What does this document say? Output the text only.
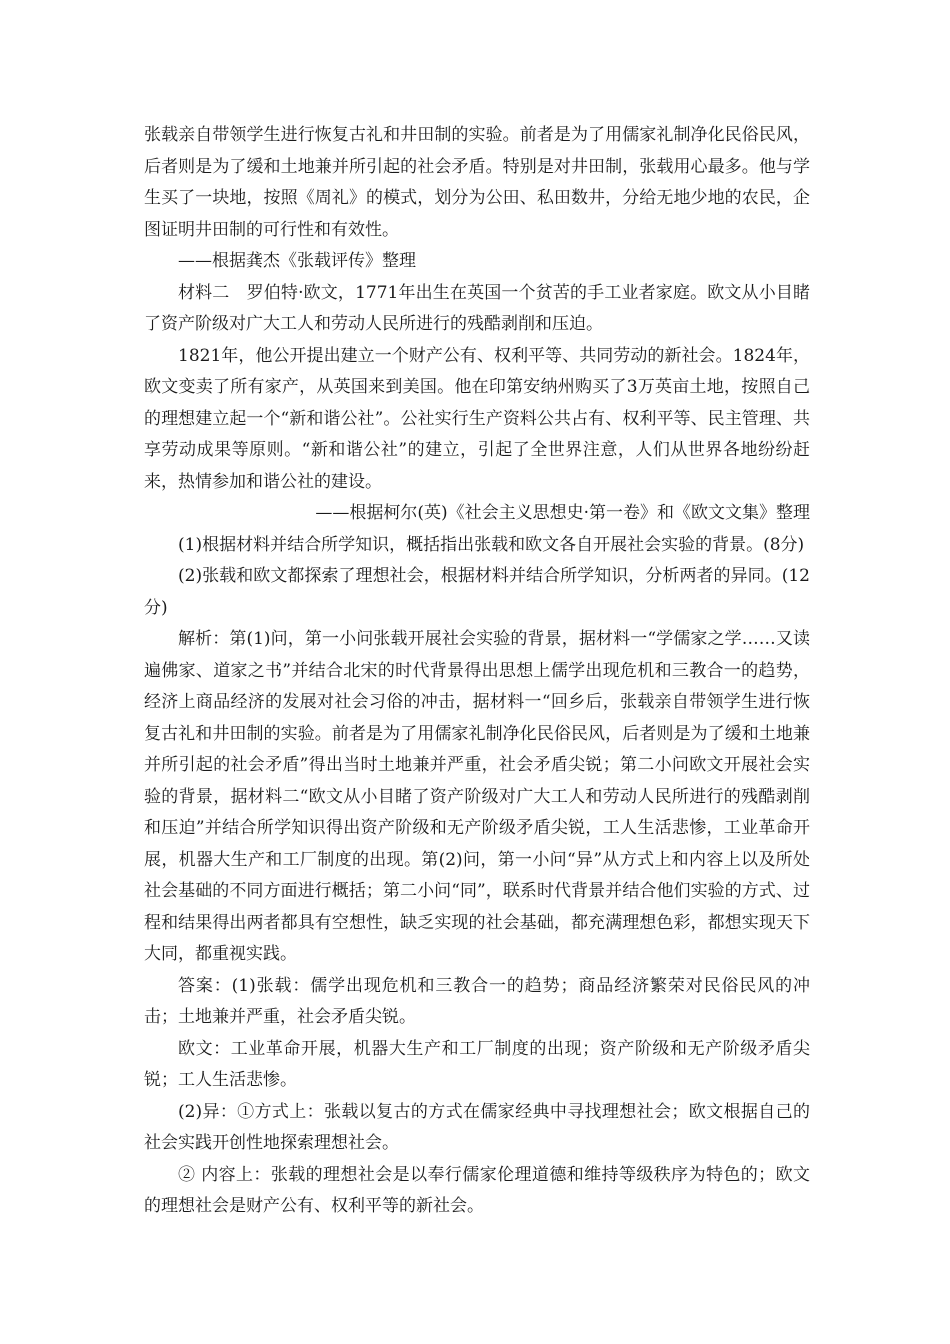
张载亲自带领学生进行恢复古礼和井田制的实验。前者是为了用儒家礼制净化民俗民风，后者则是为了缓和土地兼并所引起的社会矛盾。特别是对井田制，张载用心最多。他与学生买了一块地，按照《周礼》的模式，划分为公田、私田数井，分给无地少地的农民，企图证明井田制的可行性和有效性。

——根据龚杰《张载评传》整理

材料二　罗伯特·欧文，1771年出生在英国一个贫苦的手工业者家庭。欧文从小目睹了资产阶级对广大工人和劳动人民所进行的残酷剥削和压迫。

1821年，他公开提出建立一个财产公有、权利平等、共同劳动的新社会。1824年，欧文变卖了所有家产，从英国来到美国。他在印第安纳州购买了3万英亩土地，按照自己的理想建立起一个“新和谐公社”。公社实行生产资料公共占有、权利平等、民主管理、共享劳动成果等原则。“新和谐公社”的建立，引起了全世界注意，人们从世界各地纷纷赶来，热情参加和谐公社的建设。

——根据柯尔(英)《社会主义思想史·第一卷》和《欧文文集》整理

(1)根据材料并结合所学知识，概括指出张载和欧文各自开展社会实验的背景。(8分)

(2)张载和欧文都探索了理想社会，根据材料并结合所学知识，分析两者的异同。(12分)

解析：第(1)问，第一小问张载开展社会实验的背景，据材料一“学儒家之学……又读遍佛家、道家之书”并结合北宋的时代背景得出思想上儒学出现危机和三教合一的趋势，经济上商品经济的发展对社会习俗的冲击，据材料一“回乡后，张载亲自带领学生进行恢复古礼和井田制的实验。前者是为了用儒家礼制净化民俗民风，后者则是为了缓和土地兼并所引起的社会矛盾”得出当时土地兼并严重，社会矛盾尖锐；第二小问欧文开展社会实验的背景，据材料二“欧文从小目睹了资产阶级对广大工人和劳动人民所进行的残酷剥削和压迫”并结合所学知识得出资产阶级和无产阶级矛盾尖锐，工人生活悲惨，工业革命开展，机器大生产和工厂制度的出现。第(2)问，第一小问“异”从方式上和内容上以及所处社会基础的不同方面进行概括；第二小问“同”，联系时代背景并结合他们实验的方式、过程和结果得出两者都具有空想性，缺乏实现的社会基础，都充满理想色彩，都想实现天下大同，都重视实践。

答案：(1)张载：儒学出现危机和三教合一的趋势；商品经济繁荣对民俗民风的冲击；土地兼并严重，社会矛盾尖锐。

欧文：工业革命开展，机器大生产和工厂制度的出现；资产阶级和无产阶级矛盾尖锐；工人生活悲惨。

(2)异：①方式上：张载以复古的方式在儒家经典中寻找理想社会；欧文根据自己的社会实践开创性地探索理想社会。

② 内容上：张载的理想社会是以奉行儒家伦理道德和维持等级秩序为特色的；欧文的理想社会是财产公有、权利平等的新社会。
